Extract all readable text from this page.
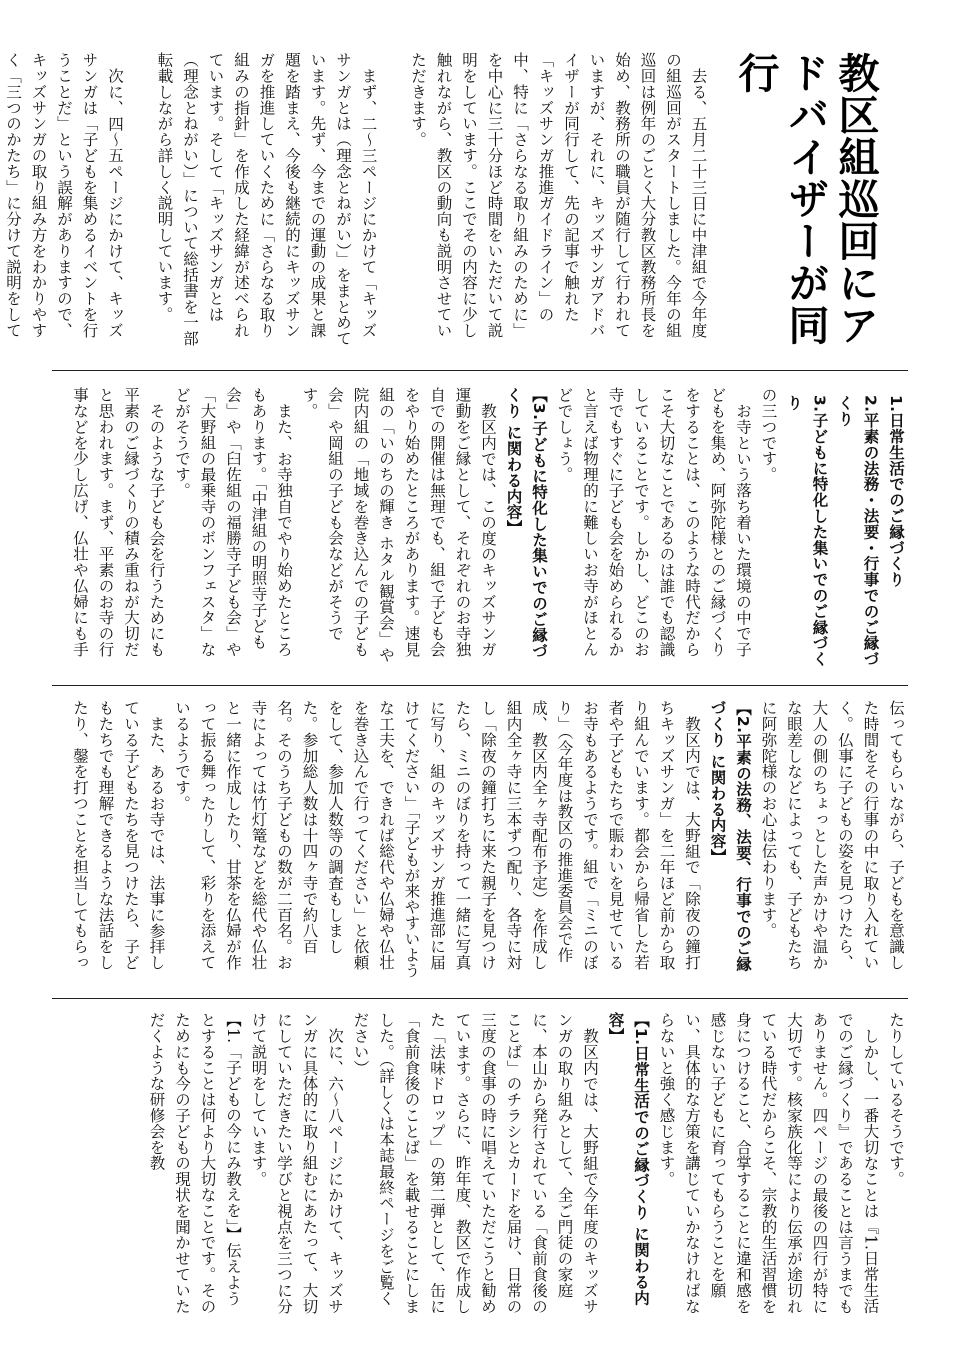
教区組巡回にアドバイザーが同行

去る、五月二十三日に中津組で今年度の組巡回がスタートしました。今年の組巡回は例年のごとく大分教区教務所長を始め、教務所の職員が随行して行われていますが、それに、キッズサンガアドバイザーが同行して、先の記事で触れた「キッズサンガ推進ガイドライン」の中、特に「さらなる取り組みのために」を中心に三十分ほど時間をいただいて説明をしています。ここでその内容に少し触れながら、教区の動向も説明させていただきます。

まず、二〜三ページにかけて「キッズサンガとは（理念とねがい）」をまとめています。先ず、今までの運動の成果と課題を踏まえ、今後も継続的にキッズサンガを推進していくために「さらなる取り組みの指針」を作成した経緯が述べられています。そして「キッズサンガとは（理念とねがい）」について総括書を一部転載しながら詳しく説明しています。

次に、四〜五ページにかけて、キッズサンガは「子どもを集めるイベントを行うことだ」という誤解がありますので、キッズサンガの取り組み方をわかりやすく「三つのかたち」に分けて説明をして

1.日常生活でのご縁づくり

2.平素の法務・法要・行事でのご縁づくり

3.子どもに特化した集いでのご縁づくり

の三つです。

お寺という落ち着いた環境の中で子どもを集め、阿弥陀様とのご縁づくりをすることは、このような時代だからこそ大切なことであるのは誰でも認識していることです。しかし、どこのお寺でもすぐに子ども会を始められるかと言えば物理的に難しいお寺がほとんどでしょう。

【3.子どもに特化した集いでのご縁づくり に関わる内容】

教区内では、この度のキッズサンガ運動をご縁として、それぞれのお寺独自での開催は無理でも、組で子ども会をやり始めたところがあります。速見組の「いのちの輝き ホタル観賞会」や院内組の「地域を巻き込んでの子ども会」や岡組の子ども会などがそうです。

また、お寺独自でやり始めたところもあります。「中津組の明照寺子ども会」や「臼佐組の福勝寺子ども会」や「大野組の最乗寺のボンフェスタ」などがそうです。

そのような子ども会を行うためにも平素のご縁づくりの積み重ねが大切だと思われます。まず、平素のお寺の行事などを少し広げ、仏壮や仏婦にも手

伝ってもらいながら、子どもを意識した時間をその行事の中に取り入れていく。仏事に子どもの姿を見つけたら、大人の側のちょっとした声かけや温かな眼差しなどによっても、子どもたちに阿弥陀様のお心は伝わります。

【2.平素の法務、法要、行事でのご縁づくり に関わる内容】

教区内では、大野組で「除夜の鐘打ちキッズサンガ」を二年ほど前から取り組んでいます。都会から帰省した若者や子どもたちで賑わいを見せているお寺もあるようです。組で「ミニのぼり」（今年度は教区の推進委員会で作成、教区内全ヶ寺配布予定）を作成し組内全ヶ寺に三本ずつ配り、各寺に対し「除夜の鐘打ちに来た親子を見つけたら、ミニのぼりを持って一緒に写真に写り、組のキッズサンガ推進部に届けてください」「子どもが来やすいような工夫を、できれば総代や仏婦や仏壮を巻き込んで行ってください」と依頼をして、参加人数等の調査もしました。参加総人数は十四ヶ寺で約八百名。そのうち子どもの数が二百名。お寺によっては竹灯篭などを総代や仏壮と一緒に作成したり、甘茶を仏婦が作って振る舞ったりして、彩りを添えているようです。

また、あるお寺では、法事に参拝している子どもたちを見つけたら、子どもたちでも理解できるような法話をしたり、鏧を打つことを担当してもらっ

たりしているそうです。

しかし、一番大切なことは『1.日常生活でのご縁づくり』であることは言うまでもありません。四ページの最後の四行が特に大切です。核家族化等により伝承が途切れている時代だからこそ、宗教的生活習慣を身につけること、合掌することに違和感を感じない子どもに育ってもらうことを願い、具体的な方策を講じていかなければならないと強く感じます。

【1.日常生活でのご縁づくり に関わる内容】

教区内では、大野組で今年度のキッズサンガの取り組みとして、全ご門徒の家庭に、本山から発行されている「食前食後のことば」のチラシとカードを届け、日常の三度の食事の時に唱えていただこうと勧めています。さらに、昨年度、教区で作成した「法味ドロップ」の第二弾として、缶に「食前食後のことば」を載せることにしました。（詳しくは本誌最終ページをご覧ください）

次に、六〜八ページにかけて、キッズサンガに具体的に取り組むにあたって、大切にしていただきたい学びと視点を三つに分けて説明をしています。

【1.「子どもの今にみ教えを」】伝えようとすることは何より大切なことです。そのためにも今の子どもの現状を聞かせていただくような研修会を教
